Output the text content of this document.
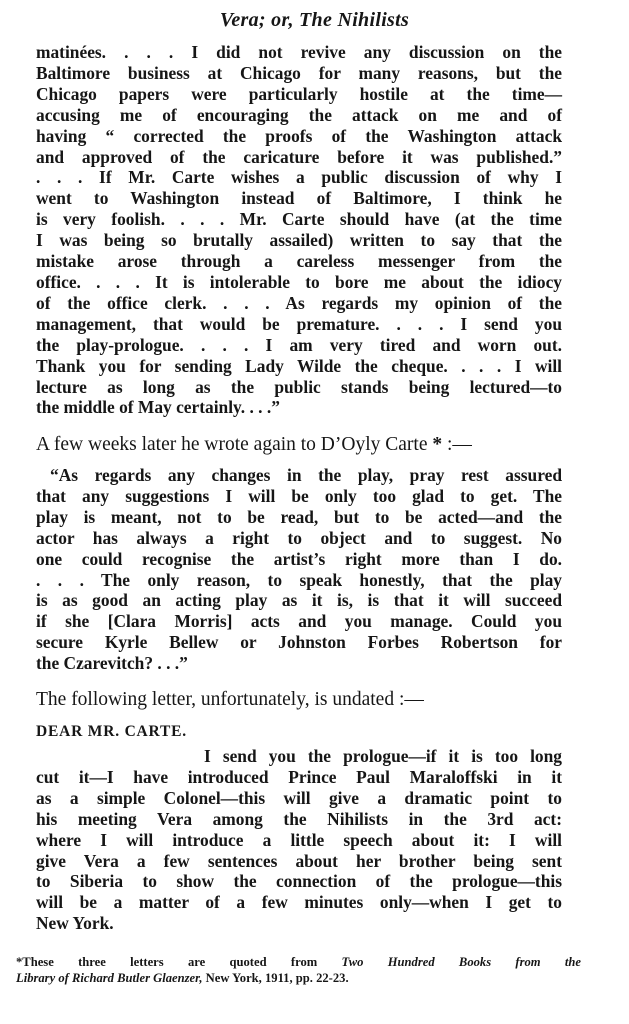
Vera; or, The Nihilists
matinées. . . . I did not revive any discussion on the
Baltimore business at Chicago for many reasons, but the
Chicago papers were particularly hostile at the time—
accusing me of encouraging the attack on me and of
having “ corrected the proofs of the Washington attack
and approved of the caricature before it was published.”
. . . If Mr. Carte wishes a public discussion of why I
went to Washington instead of Baltimore, I think he
is very foolish. . . . Mr. Carte should have (at the time
I was being so brutally assailed) written to say that the
mistake arose through a careless messenger from the
office. . . . It is intolerable to bore me about the idiocy
of the office clerk. . . . As regards my opinion of the
management, that would be premature. . . . I send you
the play-prologue. . . . I am very tired and worn out.
Thank you for sending Lady Wilde the cheque. . . . I will
lecture as long as the public stands being lectured—to
the middle of May certainly. . . .”
A few weeks later he wrote again to D’Oyly Carte * :—
“As regards any changes in the play, pray rest assured
that any suggestions I will be only too glad to get. The
play is meant, not to be read, but to be acted—and the
actor has always a right to object and to suggest. No
one could recognise the artist’s right more than I do.
. . . The only reason, to speak honestly, that the play
is as good an acting play as it is, is that it will succeed
if she [Clara Morris] acts and you manage. Could you
secure Kyrle Bellew or Johnston Forbes Robertson for
the Czarevitch? . . .”
The following letter, unfortunately, is undated :—
DEAR MR. CARTE.
I send you the prologue—if it is too long
cut it—I have introduced Prince Paul Maraloffski in it
as a simple Colonel—this will give a dramatic point to
his meeting Vera among the Nihilists in the 3rd act:
where I will introduce a little speech about it: I will
give Vera a few sentences about her brother being sent
to Siberia to show the connection of the prologue—this
will be a matter of a few minutes only—when I get to
New York.
*These three letters are quoted from Two Hundred Books from the
Library of Richard Butler Glaenzer, New York, 1911, pp. 22-23.
